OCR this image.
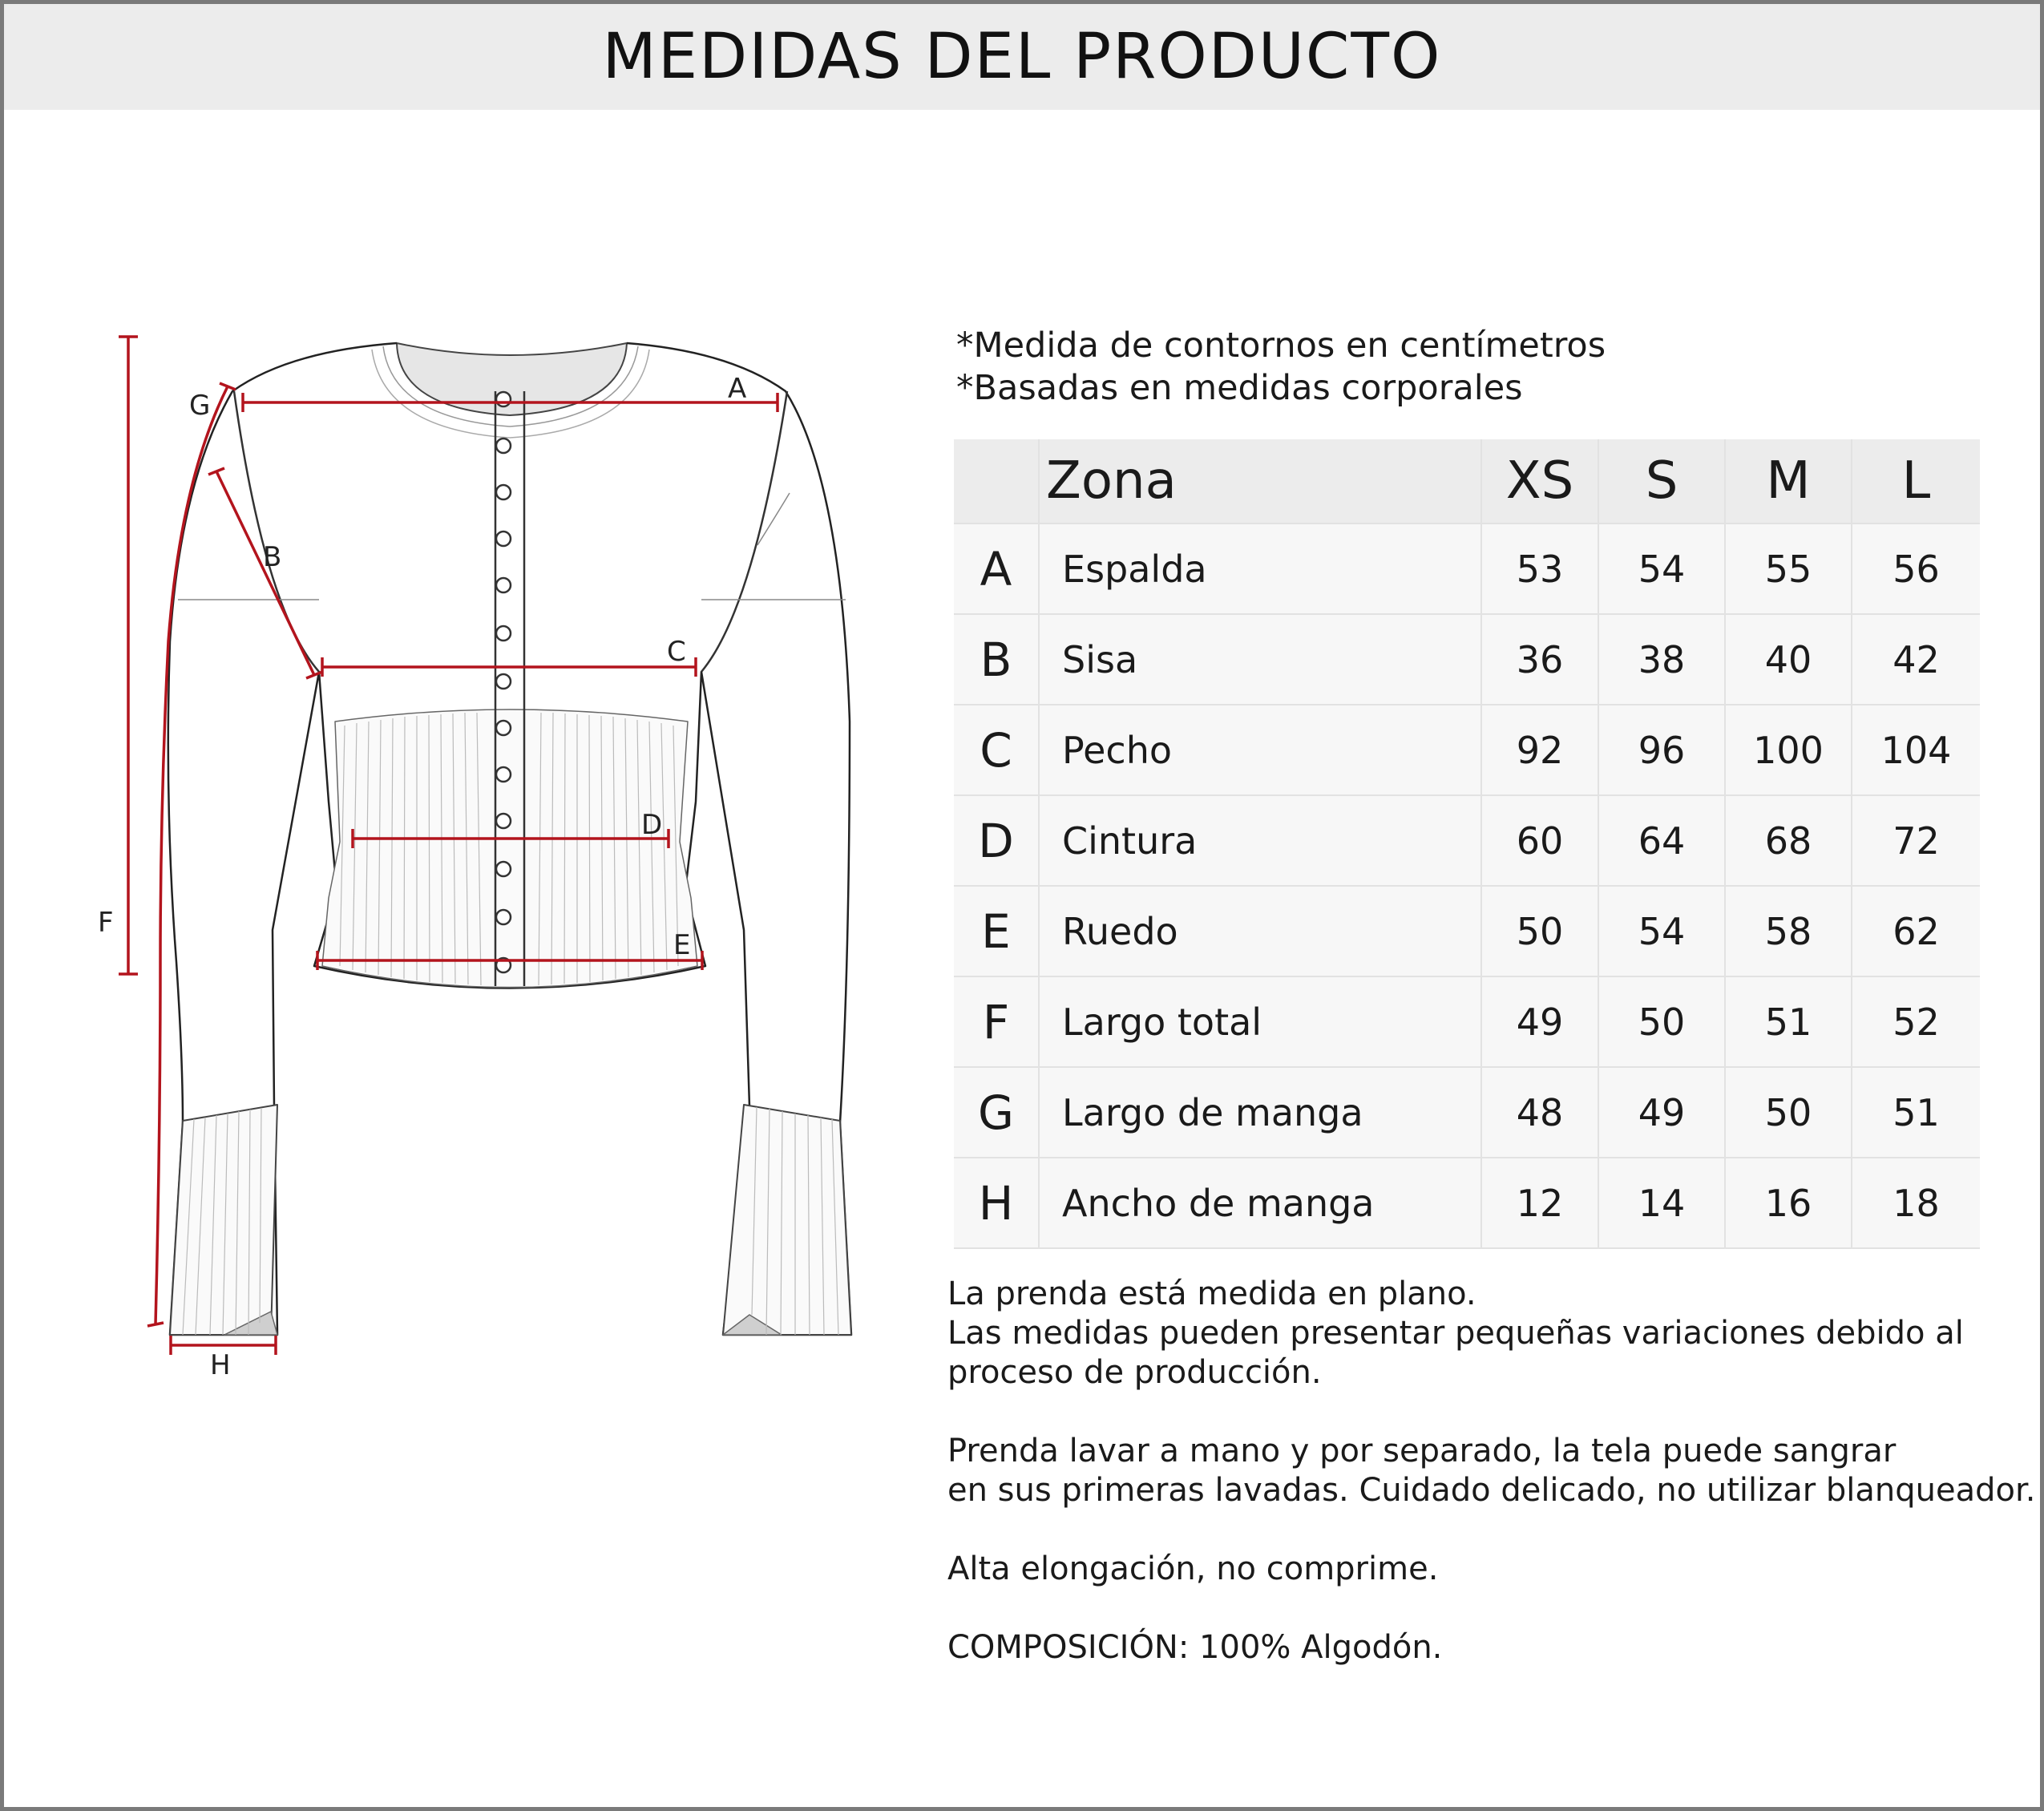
MEDIDAS DEL PRODUCTO
A
G
B
C
D
E
F
H
*Medida de contornos en centímetros
*Basadas en medidas corporales
	Zona	XS	S	M	L
A	Espalda	53	54	55	56
B	Sisa	36	38	40	42
C	Pecho	92	96	100	104
D	Cintura	60	64	68	72
E	Ruedo	50	54	58	62
F	Largo total	49	50	51	52
G	Largo de manga	48	49	50	51
H	Ancho de manga	12	14	16	18

La prenda está medida en plano.

Las medidas pueden presentar pequeñas variaciones debido al

proceso de producción.

Prenda lavar a mano y por separado, la tela puede sangrar

en sus primeras lavadas. Cuidado delicado, no utilizar blanqueador.

Alta elongación, no comprime.

COMPOSICIÓN: 100% Algodón.
